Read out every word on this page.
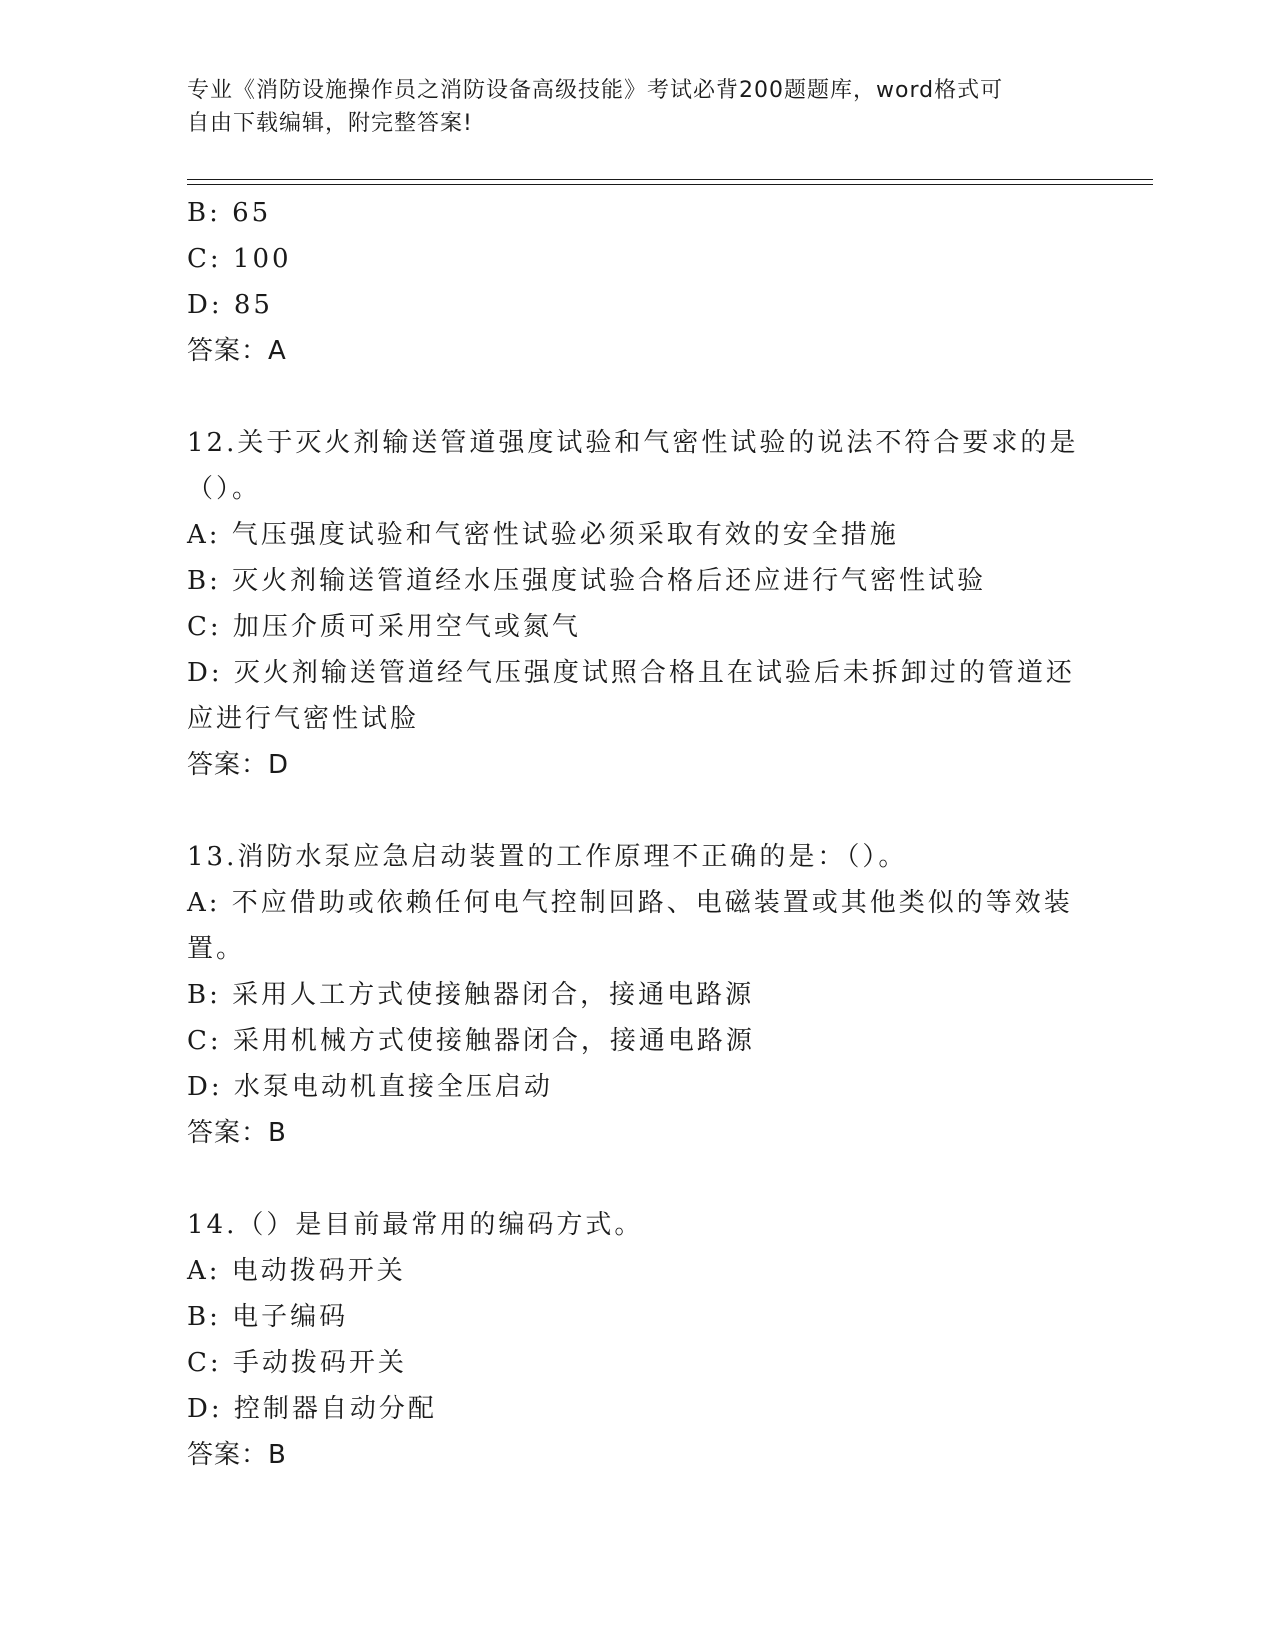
专业《消防设施操作员之消防设备高级技能》考试必背200题题库，word格式可
自由下载编辑，附完整答案!
B: 65
C: 100
D: 85
答案：A
12.关于灭火剂输送管道强度试验和气密性试验的说法不符合要求的是
（）。
A: 气压强度试验和气密性试验必须采取有效的安全措施
B: 灭火剂输送管道经水压强度试验合格后还应进行气密性试验
C: 加压介质可采用空气或氮气
D: 灭火剂输送管道经气压强度试照合格且在试验后未拆卸过的管道还
应进行气密性试脸
答案：D
13.消防水泵应急启动装置的工作原理不正确的是：（）。
A: 不应借助或依赖任何电气控制回路、电磁装置或其他类似的等效装
置。
B: 采用人工方式使接触器闭合，接通电路源
C: 采用机械方式使接触器闭合，接通电路源
D: 水泵电动机直接全压启动
答案：B
14.（）是目前最常用的编码方式。
A: 电动拨码开关
B: 电子编码
C: 手动拨码开关
D: 控制器自动分配
答案：B
